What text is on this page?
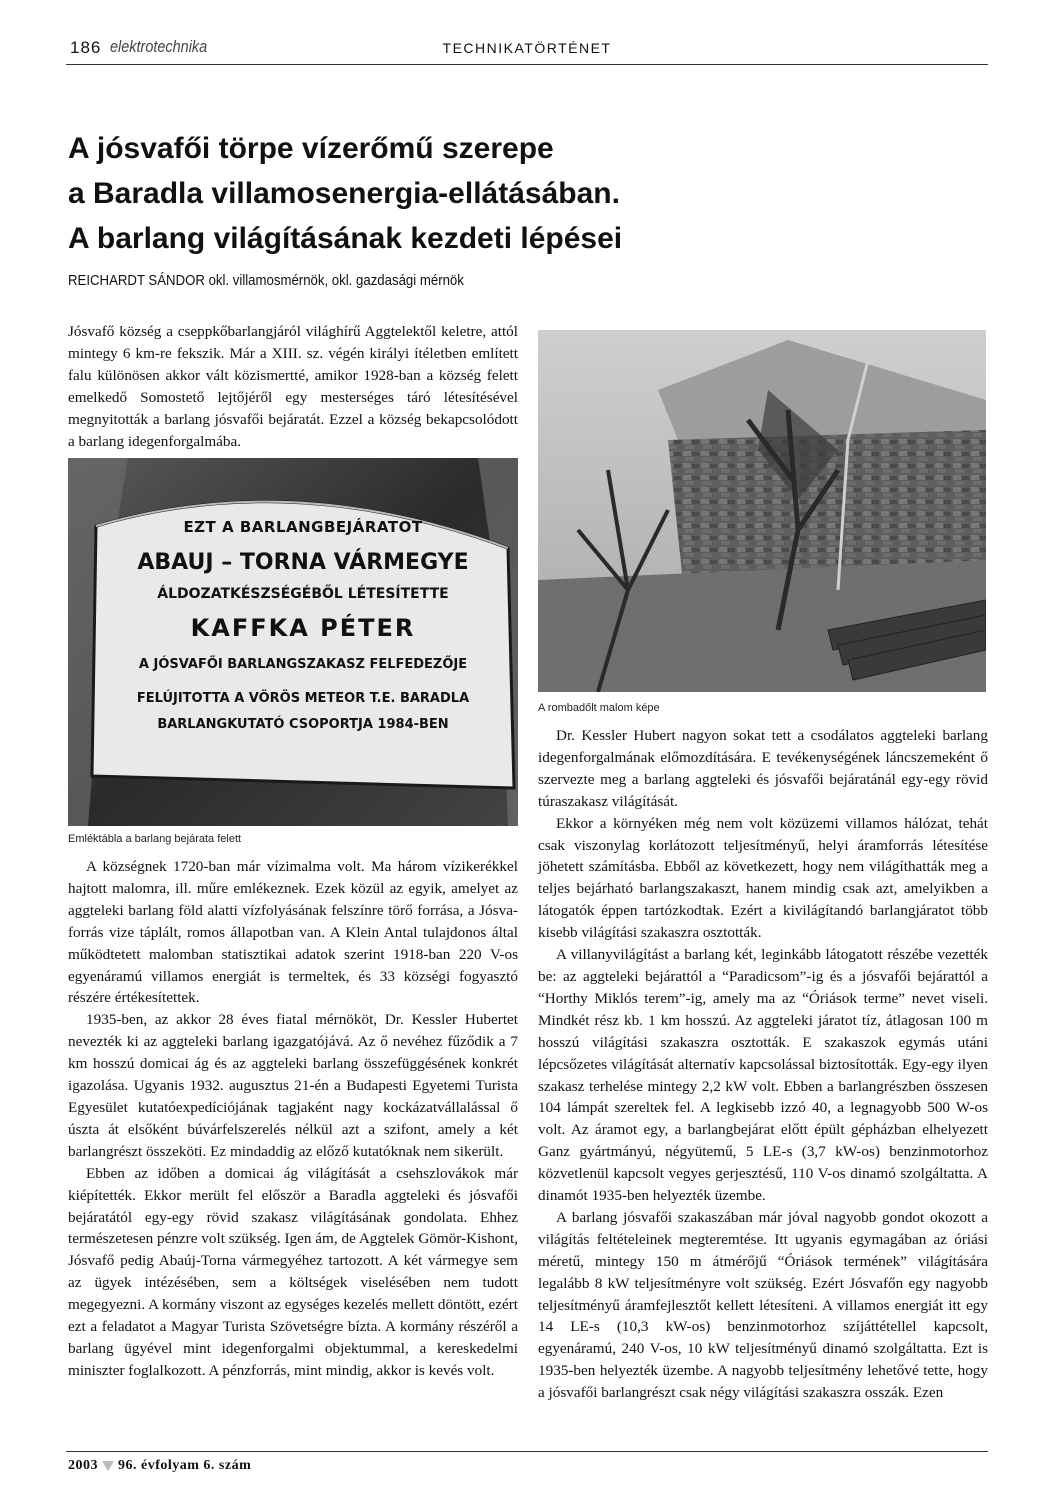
186 elektrotechnika	TECHNIKATÖRTÉNET
A jósvafői törpe vízerőmű szerepe
a Baradla villamosenergia-ellátásában.
A barlang világításának kezdeti lépései
REICHARDT SÁNDOR okl. villamosmérnök, okl. gazdasági mérnök

Jósvafő község a cseppkőbarlangjáról világhírű Aggtelektől keletre, attól mintegy 6 km-re fekszik. Már a XIII. sz. végén királyi ítéletben említett falu különösen akkor vált közismertté, amikor 1928-ban a község felett emelkedő Somostető lejtőjéről egy mesterséges táró létesítésével megnyitották a barlang jósvafői bejáratát. Ezzel a község bekapcsolódott a barlang idegenforgalmába.

EZT A BARLANGBEJÁRATOT
ABAUJ – TORNA VÁRMEGYE
ÁLDOZATKÉSZSÉGÉBŐL LÉTESÍTETTE
KAFFKA PÉTER
A JÓSVAFŐI BARLANGSZAKASZ FELFEDEZŐJE
FELÚJITOTTA A VÖRÖS METEOR T.E. BARADLA
BARLANGKUTATÓ CSOPORTJA 1984-BEN
Emléktábla a barlang bejárata felett

A községnek 1720-ban már vízimalma volt. Ma három vízikerékkel hajtott malomra, ill. műre emlékeznek. Ezek közül az egyik, amelyet az aggteleki barlang föld alatti vízfolyásának felszínre törő forrása, a Jósva-forrás vize táplált, romos állapotban van. A Klein Antal tulajdonos által működtetett malomban statisztikai adatok szerint 1918-ban 220 V-os egyenáramú villamos energiát is termeltek, és 33 községi fogyasztó részére értékesítettek.

1935-ben, az akkor 28 éves fiatal mérnököt, Dr. Kessler Hubertet nevezték ki az aggteleki barlang igazgatójává. Az ő nevéhez fűződik a 7 km hosszú domicai ág és az aggteleki barlang összefüggésének konkrét igazolása. Ugyanis 1932. augusztus 21-én a Budapesti Egyetemi Turista Egyesület kutatóexpedíciójának tagjaként nagy kockázatvállalással ő úszta át elsőként búvárfelszerelés nélkül azt a szifont, amely a két barlangrészt összeköti. Ez mindaddig az előző kutatóknak nem sikerült.

Ebben az időben a domicai ág világítását a csehszlovákok már kiépítették. Ekkor merült fel először a Baradla aggteleki és jósvafői bejáratától egy-egy rövid szakasz világításának gondolata. Ehhez természetesen pénzre volt szükség. Igen ám, de Aggtelek Gömör-Kishont, Jósvafő pedig Abaúj-Torna vármegyéhez tartozott. A két vármegye sem az ügyek intézésében, sem a költségek viselésében nem tudott megegyezni. A kormány viszont az egységes kezelés mellett döntött, ezért ezt a feladatot a Magyar Turista Szövetségre bízta. A kormány részéről a barlang ügyével mint idegenforgalmi objektummal, a kereskedelmi miniszter foglalkozott. A pénzforrás, mint mindig, akkor is kevés volt.

A rombadőlt malom képe

Dr. Kessler Hubert nagyon sokat tett a csodálatos aggteleki barlang idegenforgalmának előmozdítására. E tevékenységének láncszemeként ő szervezte meg a barlang aggteleki és jósvafői bejáratánál egy-egy rövid túraszakasz világítását.

Ekkor a környéken még nem volt közüzemi villamos hálózat, tehát csak viszonylag korlátozott teljesítményű, helyi áramforrás létesítése jöhetett számításba. Ebből az következett, hogy nem világíthatták meg a teljes bejárható barlangszakaszt, hanem mindig csak azt, amelyikben a látogatók éppen tartózkodtak. Ezért a kivilágítandó barlangjáratot több kisebb világítási szakaszra osztották.

A villanyvilágítást a barlang két, leginkább látogatott részébe vezették be: az aggteleki bejárattól a “Paradicsom”-ig és a jósvafői bejárattól a “Horthy Miklós terem”-ig, amely ma az “Óriások terme” nevet viseli. Mindkét rész kb. 1 km hosszú. Az aggteleki járatot tíz, átlagosan 100 m hosszú világítási szakaszra osztották. E szakaszok egymás utáni lépcsőzetes világítását alternatív kapcsolással biztosították. Egy-egy ilyen szakasz terhelése mintegy 2,2 kW volt. Ebben a barlangrészben összesen 104 lámpát szereltek fel. A legkisebb izzó 40, a legnagyobb 500 W-os volt. Az áramot egy, a barlangbejárat előtt épült gépházban elhelyezett Ganz gyártmányú, négyütemű, 5 LE-s (3,7 kW-os) benzinmotorhoz közvetlenül kapcsolt vegyes gerjesztésű, 110 V-os dinamó szolgáltatta. A dinamót 1935-ben helyezték üzembe.

A barlang jósvafői szakaszában már jóval nagyobb gondot okozott a világítás feltételeinek megteremtése. Itt ugyanis egymagában az óriási méretű, mintegy 150 m átmérőjű “Óriások termének” világítására legalább 8 kW teljesítményre volt szükség. Ezért Jósvafőn egy nagyobb teljesítményű áramfejlesztőt kellett létesíteni. A villamos energiát itt egy 14 LE-s (10,3 kW-os) benzinmotorhoz szíjáttétellel kapcsolt, egyenáramú, 240 V-os, 10 kW teljesítményű dinamó szolgáltatta. Ezt is 1935-ben helyezték üzembe. A nagyobb teljesítmény lehetővé tette, hogy a jósvafői barlangrészt csak négy világítási szakaszra osszák. Ezen

2003 96. évfolyam 6. szám
